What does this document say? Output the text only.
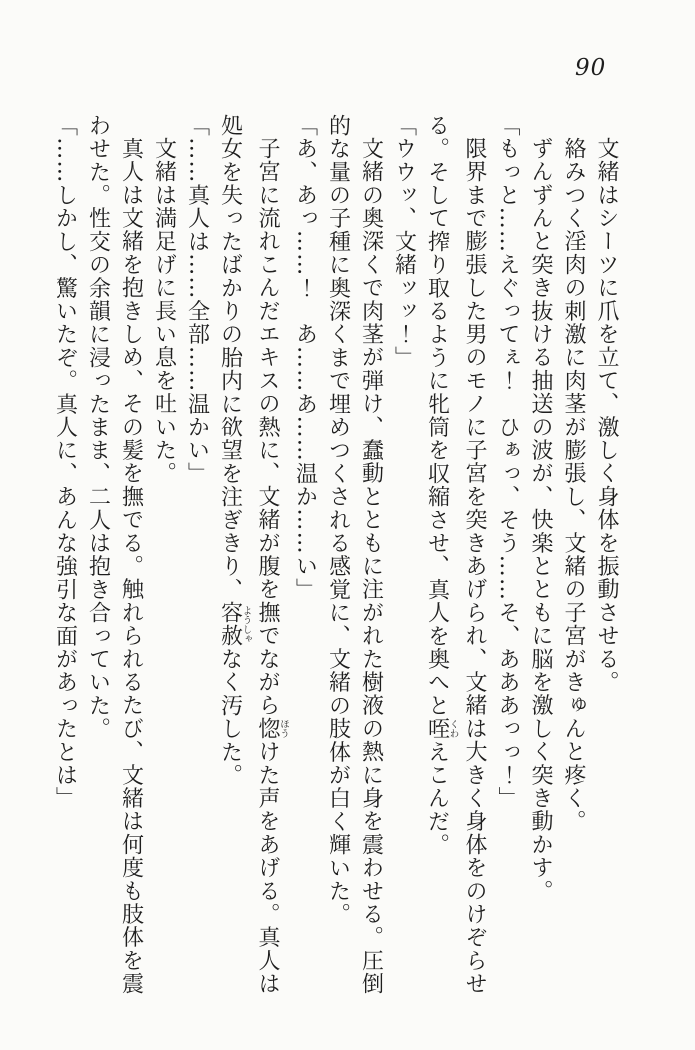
90

文緒はシーツに爪を立て、激しく身体を振動させる。

絡みつく淫肉の刺激に肉茎が膨張し、文緒の子宮がきゅんと疼く。

ずんずんと突き抜ける抽送の波が、快楽とともに脳を激しく突き動かす。

「もっと……えぐってぇ！　ひぁっ、そう……そ、あああっっ！」

限界まで膨張した男のモノに子宮を突きあげられ、文緒は大きく身体をのけぞらせ

る。そして搾り取るように牝筒を収縮させ、真人を奥へと咥くわえこんだ。

「ウウッ、文緒ッッ！」

文緒の奥深くで肉茎が弾け、蠢動とともに注がれた樹液の熱に身を震わせる。圧倒

的な量の子種に奥深くまで埋めつくされる感覚に、文緒の肢体が白く輝いた。

「あ、あっ……！　あ……あ……温か……い」

子宮に流れこんだエキスの熱に、文緒が腹を撫でながら惚ほうけた声をあげる。真人は

処女を失ったばかりの胎内に欲望を注ぎきり、容赦ようしゃなく汚した。

「……真人は……全部……温かい」

文緒は満足げに長い息を吐いた。

真人は文緒を抱きしめ、その髪を撫でる。触れられるたび、文緒は何度も肢体を震

わせた。性交の余韻に浸ったまま、二人は抱き合っていた。

「……しかし、驚いたぞ。真人に、あんな強引な面があったとは」
